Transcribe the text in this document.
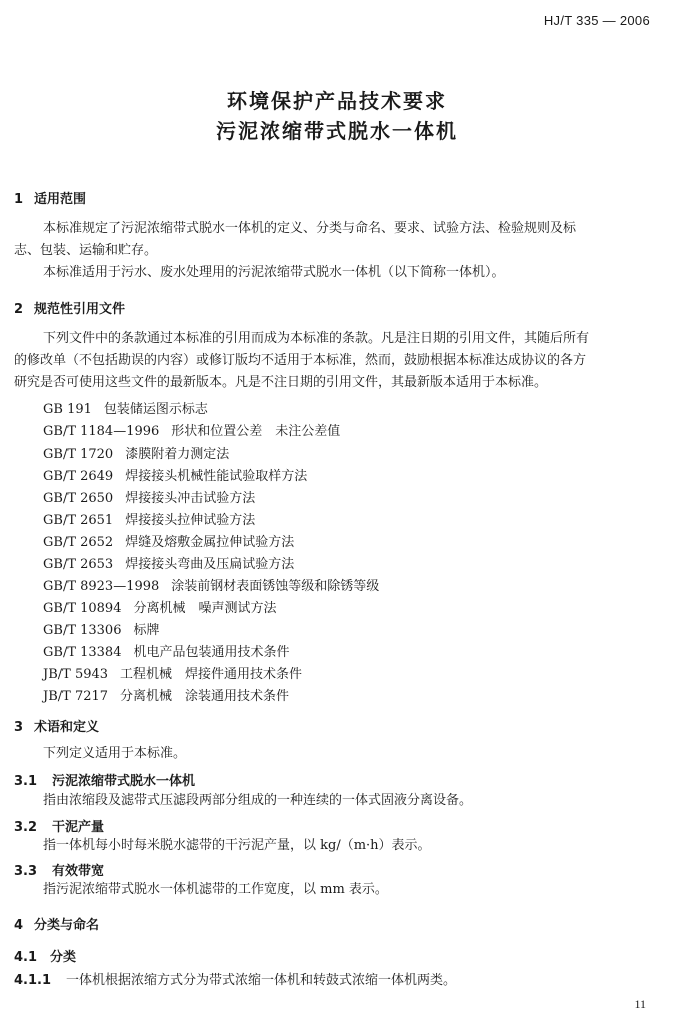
HJ/T 335 — 2006
环境保护产品技术要求
污泥浓缩带式脱水一体机
1 适用范围
本标准规定了污泥浓缩带式脱水一体机的定义、分类与命名、要求、试验方法、检验规则及标
志、包装、运输和贮存。
本标准适用于污水、废水处理用的污泥浓缩带式脱水一体机（以下简称一体机）。
2 规范性引用文件
下列文件中的条款通过本标准的引用而成为本标准的条款。凡是注日期的引用文件，其随后所有
的修改单（不包括勘误的内容）或修订版均不适用于本标准，然而，鼓励根据本标准达成协议的各方
研究是否可使用这些文件的最新版本。凡是不注日期的引用文件，其最新版本适用于本标准。
GB 191 包装储运图示标志
GB/T 1184—1996 形状和位置公差　未注公差值
GB/T 1720 漆膜附着力测定法
GB/T 2649 焊接接头机械性能试验取样方法
GB/T 2650 焊接接头冲击试验方法
GB/T 2651 焊接接头拉伸试验方法
GB/T 2652 焊缝及熔敷金属拉伸试验方法
GB/T 2653 焊接接头弯曲及压扁试验方法
GB/T 8923—1998 涂装前钢材表面锈蚀等级和除锈等级
GB/T 10894 分离机械　噪声测试方法
GB/T 13306 标牌
GB/T 13384 机电产品包装通用技术条件
JB/T 5943 工程机械　焊接件通用技术条件
JB/T 7217 分离机械　涂装通用技术条件
3 术语和定义
下列定义适用于本标准。
3.1 污泥浓缩带式脱水一体机
指由浓缩段及滤带式压滤段两部分组成的一种连续的一体式固液分离设备。
3.2 干泥产量
指一体机每小时每米脱水滤带的干污泥产量，以 kg/（m·h）表示。
3.3 有效带宽
指污泥浓缩带式脱水一体机滤带的工作宽度，以 mm 表示。
4 分类与命名
4.1 分类
4.1.1 一体机根据浓缩方式分为带式浓缩一体机和转鼓式浓缩一体机两类。
11
